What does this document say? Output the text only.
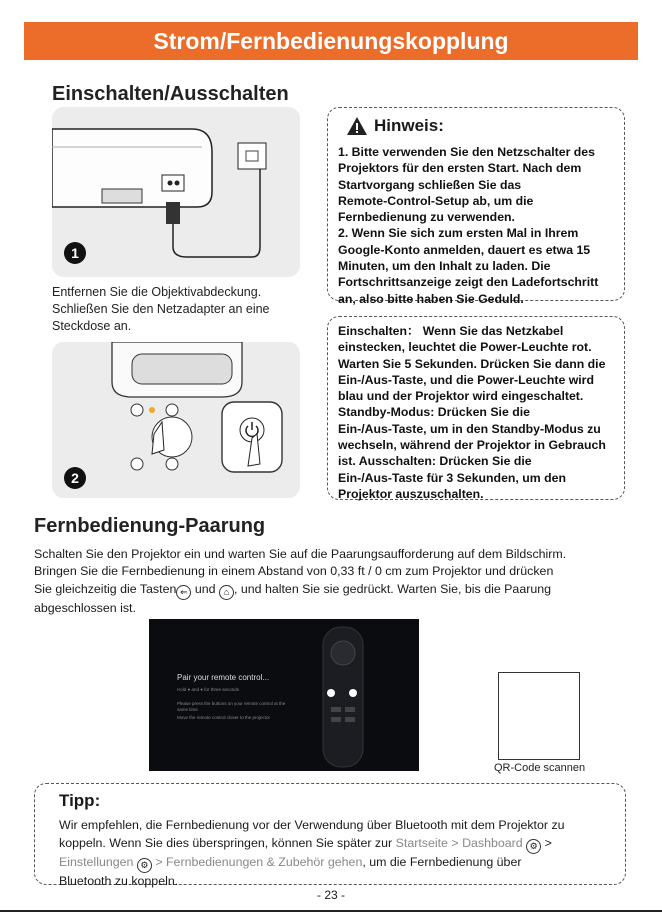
Strom/Fernbedienungskopplung
Einschalten/Ausschalten
1
Entfernen Sie die Objektivabdeckung.
Schließen Sie den Netzadapter an eine
Steckdose an.
2
Hinweis:

1. Bitte verwenden Sie den Netzschalter des

Projektors für den ersten Start. Nach dem

Startvorgang schließen Sie das

Remote-Control-Setup ab, um die

Fernbedienung zu verwenden.

2. Wenn Sie sich zum ersten Mal in Ihrem

Google-Konto anmelden, dauert es etwa 15

Minuten, um den Inhalt zu laden. Die

Fortschrittsanzeige zeigt den Ladefortschritt

an, also bitte haben Sie Geduld.

Einschalten： Wenn Sie das Netzkabel

einstecken, leuchtet die Power-Leuchte rot.

Warten Sie 5 Sekunden. Drücken Sie dann die

Ein-/Aus-Taste, und die Power-Leuchte wird

blau und der Projektor wird eingeschaltet.

Standby-Modus: Drücken Sie die

Ein-/Aus-Taste, um in den Standby-Modus zu

wechseln, während der Projektor in Gebrauch

ist. Ausschalten: Drücken Sie die

Ein-/Aus-Taste für 3 Sekunden, um den

Projektor auszuschalten.

Fernbedienung-Paarung

Schalten Sie den Projektor ein und warten Sie auf die Paarungsaufforderung auf dem Bildschirm.

Bringen Sie die Fernbedienung in einem Abstand von 0,33 ft / 0 cm zum Projektor und drücken

Sie gleichzeitig die Tasten ⇐ und ⌂ , und halten Sie sie gedrückt. Warten Sie, bis die Paarung

abgeschlossen ist.

Pair your remote control...
Hold ● and ● for three seconds
Please press the buttons on your remote control at the same time
Move the remote control closer to the projector
QR-Code scannen
Tipp:
Wir empfehlen, die Fernbedienung vor der Verwendung über Bluetooth mit dem Projektor zu
koppeln. Wenn Sie dies überspringen, können Sie später zur Startseite > Dashboard ⚙ >
Einstellungen ⚙ > Fernbedienungen & Zubehör gehen, um die Fernbedienung über
Bluetooth zu koppeln.
- 23 -
